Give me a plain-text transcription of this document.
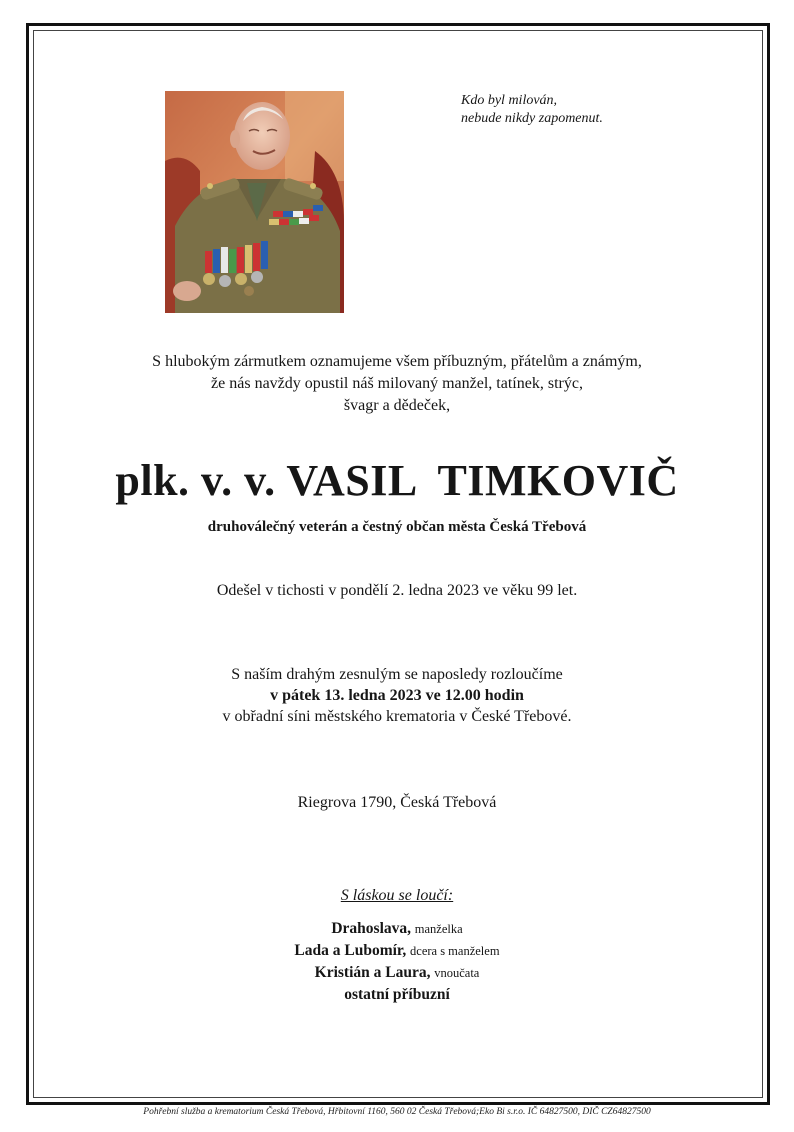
Kdo byl milován,
nebude nikdy zapomenut.
S hlubokým zármutkem oznamujeme všem příbuzným, přátelům a známým,
že nás navždy opustil náš milovaný manžel, tatínek, strýc,
švagr a dědeček,
plk. v. v. VASIL  TIMKOVIČ
druhoválečný veterán a čestný občan města Česká Třebová
Odešel v tichosti v pondělí 2. ledna 2023 ve věku 99 let.
S naším drahým zesnulým se naposledy rozloučíme
v pátek 13. ledna 2023 ve 12.00 hodin
v obřadní síni městského krematoria v České Třebové.
Riegrova 1790, Česká Třebová
S láskou se loučí:
Drahoslava, manželka
Lada a Lubomír, dcera s manželem
Kristián a Laura, vnoučata
ostatní příbuzní
Pohřební služba a krematorium Česká Třebová, Hřbitovní 1160, 560 02 Česká Třebová;Eko Bi s.r.o. IČ 64827500, DIČ CZ64827500
